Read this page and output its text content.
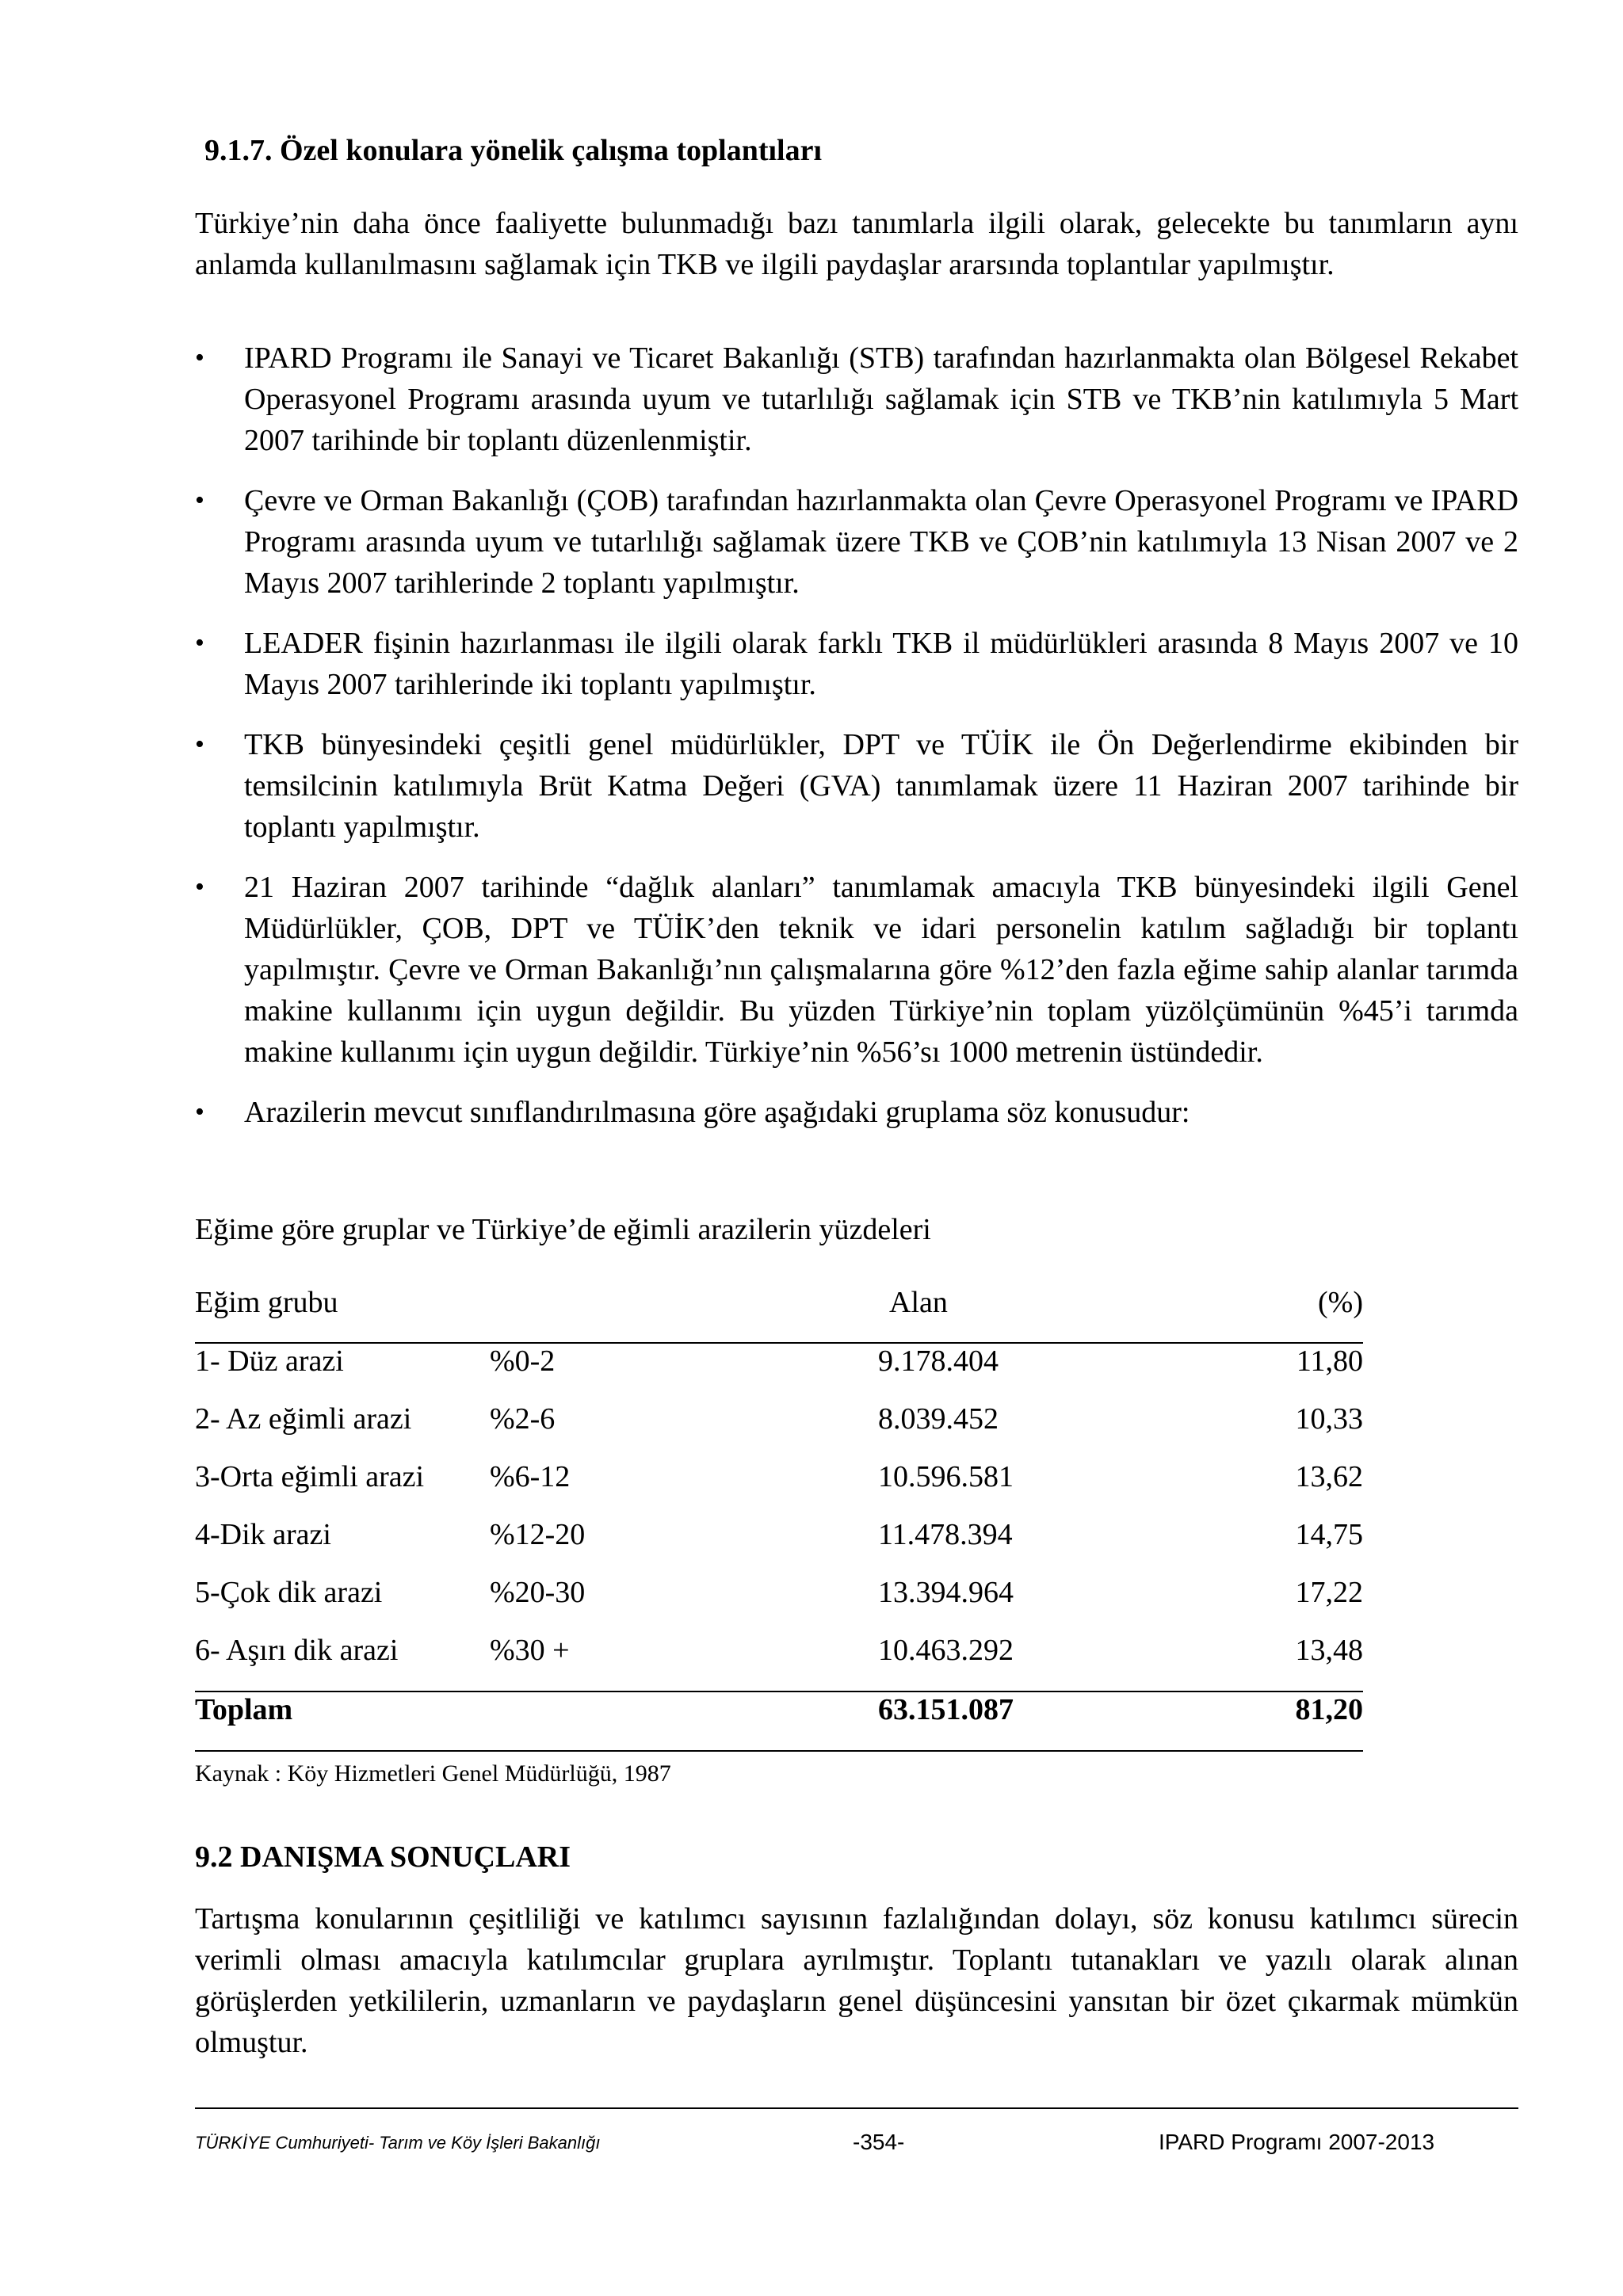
9.1.7. Özel konulara yönelik çalışma toplantıları

Türkiye’nin daha önce faaliyette bulunmadığı bazı tanımlarla ilgili olarak, gelecekte bu tanımların aynı anlamda kullanılmasını sağlamak için TKB ve ilgili paydaşlar ararsında toplantılar yapılmıştır.

•	IPARD Programı ile Sanayi ve Ticaret Bakanlığı (STB) tarafından hazırlanmakta olan Bölgesel Rekabet Operasyonel Programı arasında uyum ve tutarlılığı sağlamak için STB ve TKB’nin katılımıyla 5 Mart 2007 tarihinde bir toplantı düzenlenmiştir.
•	Çevre ve Orman Bakanlığı (ÇOB) tarafından hazırlanmakta olan Çevre Operasyonel Programı ve IPARD Programı arasında uyum ve tutarlılığı sağlamak üzere TKB ve ÇOB’nin katılımıyla 13 Nisan 2007 ve 2 Mayıs 2007 tarihlerinde 2 toplantı yapılmıştır.
•	LEADER fişinin hazırlanması ile ilgili olarak farklı TKB il müdürlükleri arasında 8 Mayıs 2007 ve 10 Mayıs 2007 tarihlerinde iki toplantı yapılmıştır.
•	TKB bünyesindeki çeşitli genel müdürlükler, DPT ve TÜİK ile Ön Değerlendirme ekibinden bir temsilcinin katılımıyla Brüt Katma Değeri (GVA) tanımlamak üzere 11 Haziran 2007 tarihinde bir toplantı yapılmıştır.
•	21 Haziran 2007 tarihinde “dağlık alanları” tanımlamak amacıyla TKB bünyesindeki ilgili Genel Müdürlükler, ÇOB, DPT ve TÜİK’den teknik ve idari personelin katılım sağladığı bir toplantı yapılmıştır. Çevre ve Orman Bakanlığı’nın çalışmalarına göre %12’den fazla eğime sahip alanlar tarımda makine kullanımı için uygun değildir. Bu yüzden Türkiye’nin toplam yüzölçümünün %45’i tarımda makine kullanımı için uygun değildir. Türkiye’nin %56’sı 1000 metrenin üstündedir.
•	Arazilerin mevcut sınıflandırılmasına göre aşağıdaki gruplama söz konusudur:

Eğime göre gruplar ve Türkiye’de eğimli arazilerin yüzdeleri

Eğim grubu		Alan	(%)
1- Düz arazi	%0-2	9.178.404	11,80
2- Az eğimli arazi	%2-6	8.039.452	10,33
3-Orta eğimli arazi	%6-12	10.596.581	13,62
4-Dik arazi	%12-20	11.478.394	14,75
5-Çok dik arazi	%20-30	13.394.964	17,22
6- Aşırı dik arazi	%30 +	10.463.292	13,48
Toplam		63.151.087	81,20

Kaynak : Köy Hizmetleri Genel Müdürlüğü, 1987

9.2 DANIŞMA SONUÇLARI

Tartışma konularının çeşitliliği ve katılımcı sayısının fazlalığından dolayı, söz konusu katılımcı sürecin verimli olması amacıyla katılımcılar gruplara ayrılmıştır. Toplantı tutanakları ve yazılı olarak alınan görüşlerden yetkililerin, uzmanların ve paydaşların genel düşüncesini yansıtan bir özet çıkarmak mümkün olmuştur.

TÜRKİYE Cumhuriyeti- Tarım ve Köy İşleri Bakanlığı	-354-	IPARD Programı 2007-2013
